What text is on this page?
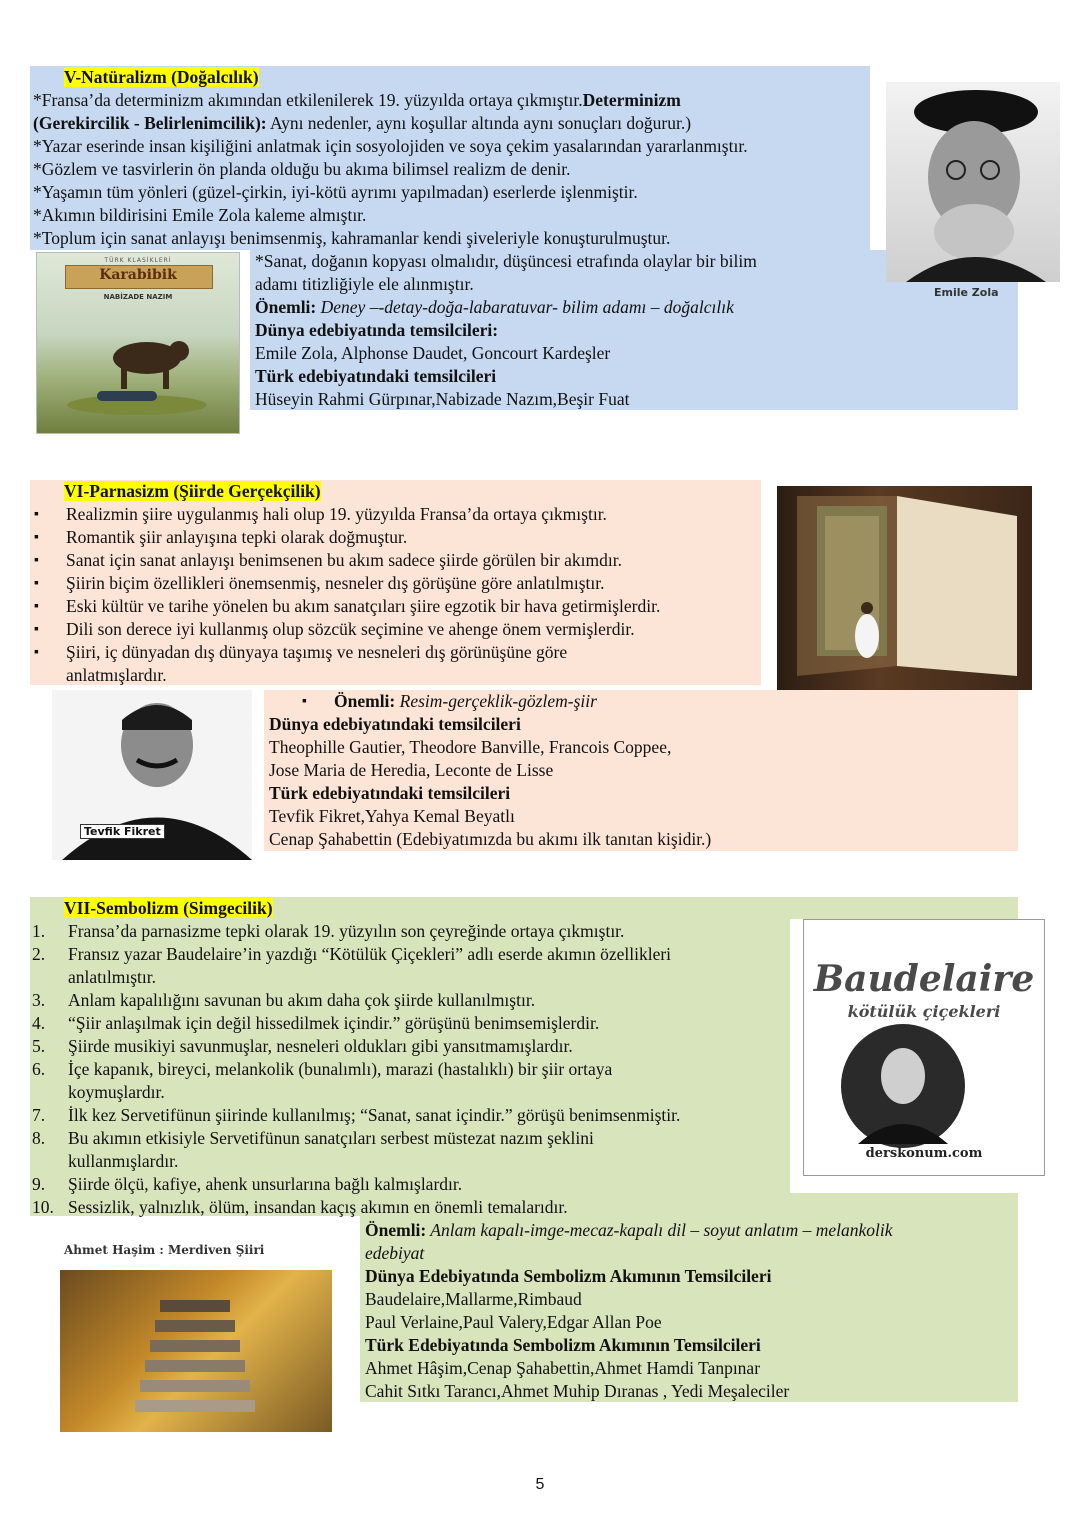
V-Natüralizm (Doğalcılık)
*Fransa’da determinizm akımından etkilenilerek 19. yüzyılda ortaya çıkmıştır.Determinizm
(Gerekircilik - Belirlenimcilik): Aynı nedenler, aynı koşullar altında aynı sonuçları doğurur.)
*Yazar eserinde insan kişiliğini anlatmak için sosyolojiden ve soya çekim yasalarından yararlanmıştır.
*Gözlem ve tasvirlerin ön planda olduğu bu akıma bilimsel realizm de denir.
*Yaşamın tüm yönleri (güzel-çirkin, iyi-kötü ayrımı yapılmadan) eserlerde işlenmiştir.
*Akımın bildirisini Emile Zola kaleme almıştır.
*Toplum için sanat anlayışı benimsenmiş, kahramanlar kendi şiveleriyle konuşturulmuştur.
*Sanat, doğanın kopyası olmalıdır, düşüncesi etrafında olaylar bir bilim
adamı titizliğiyle ele alınmıştır.
Önemli: Deney –-detay-doğa-labaratuvar- bilim adamı – doğalcılık
Dünya edebiyatında temsilcileri:
Emile Zola, Alphonse Daudet, Goncourt Kardeşler
Türk edebiyatındaki temsilcileri
Hüseyin Rahmi Gürpınar,Nabizade Nazım,Beşir Fuat
TÜRK KLASİKLERİ
Karabibik
NABİZADE NAZIM	Emile Zola
VI-Parnasizm (Şiirde Gerçekçilik)
▪ Realizmin şiire uygulanmış hali olup 19. yüzyılda Fransa’da ortaya çıkmıştır.
▪ Romantik şiir anlayışına tepki olarak doğmuştur.
▪ Sanat için sanat anlayışı benimsenen bu akım sadece şiirde görülen bir akımdır.
▪ Şiirin biçim özellikleri önemsenmiş, nesneler dış görüşüne göre anlatılmıştır.
▪ Eski kültür ve tarihe yönelen bu akım sanatçıları şiire egzotik bir hava getirmişlerdir.
▪ Dili son derece iyi kullanmış olup sözcük seçimine ve ahenge önem vermişlerdir.
▪ Şiiri, iç dünyadan dış dünyaya taşımış ve nesneleri dış görünüşüne göre
anlatmışlardır.
▪ Önemli: Resim-gerçeklik-gözlem-şiir
Dünya edebiyatındaki temsilcileri
Theophille Gautier, Theodore Banville, Francois Coppee,
Jose Maria de Heredia, Leconte de Lisse
Türk edebiyatındaki temsilcileri
Tevfik Fikret,Yahya Kemal Beyatlı
Cenap Şahabettin (Edebiyatımızda bu akımı ilk tanıtan kişidir.)
Tevfik Fikret
VII-Sembolizm (Simgecilik)
1.	Fransa’da parnasizme tepki olarak 19. yüzyılın son çeyreğinde ortaya çıkmıştır.
2.	Fransız yazar Baudelaire’in yazdığı “Kötülük Çiçekleri” adlı eserde akımın özellikleri
anlatılmıştır.
3.	Anlam kapalılığını savunan bu akım daha çok şiirde kullanılmıştır.
4.	“Şiir anlaşılmak için değil hissedilmek içindir.” görüşünü benimsemişlerdir.
5.	Şiirde musikiyi savunmuşlar, nesneleri oldukları gibi yansıtmamışlardır.
6.	İçe kapanık, bireyci, melankolik (bunalımlı), marazi (hastalıklı) bir şiir ortaya
koymuşlardır.
7.	İlk kez Servetifünun şiirinde kullanılmış; “Sanat, sanat içindir.” görüşü benimsenmiştir.
8.	Bu akımın etkisiyle Servetifünun sanatçıları serbest müstezat nazım şeklini
kullanmışlardır.
9.	Şiirde ölçü, kafiye, ahenk unsurlarına bağlı kalmışlardır.
10. Sessizlik, yalnızlık, ölüm, insandan kaçış akımın en önemli temalarıdır.
Önemli: Anlam kapalı-imge-mecaz-kapalı dil – soyut anlatım – melankolik
edebiyat
Dünya Edebiyatında Sembolizm Akımının Temsilcileri
Baudelaire,Mallarme,Rimbaud
Paul Verlaine,Paul Valery,Edgar Allan Poe
Türk Edebiyatında Sembolizm Akımının Temsilcileri
Ahmet Hâşim,Cenap Şahabettin,Ahmet Hamdi Tanpınar
Cahit Sıtkı Tarancı,Ahmet Muhip Dıranas , Yedi Meşaleciler
Baudelaire
kötülük çiçekleri
derskonum.com
Ahmet Haşim : Merdiven Şiiri
5
